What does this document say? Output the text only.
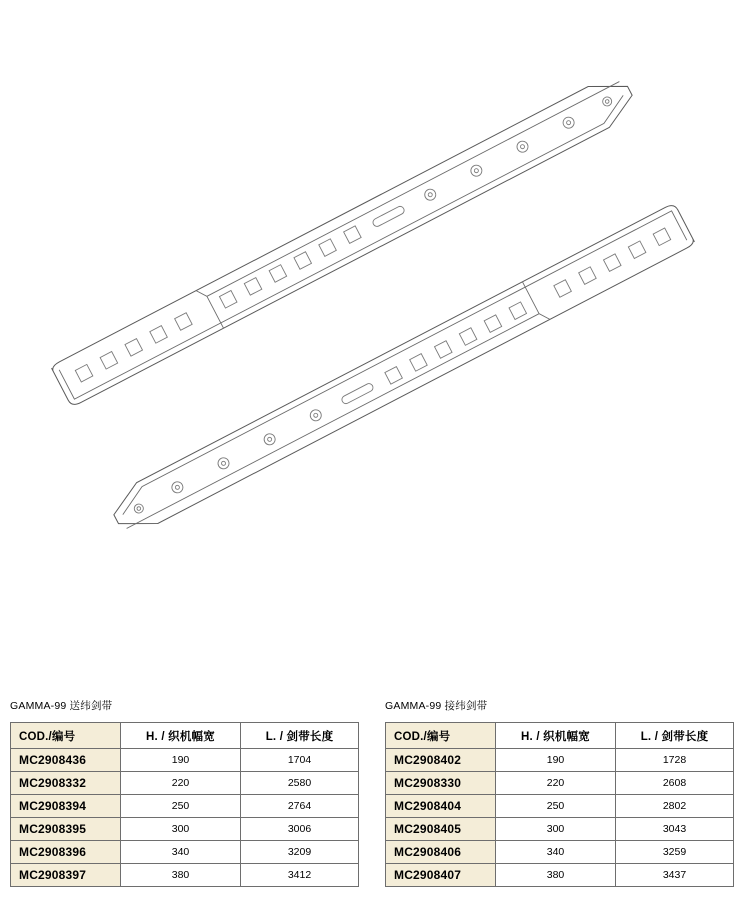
GAMMA-99 送纬剑带
COD./编号	H. / 织机幅宽	L. / 剑带长度
MC2908436	190	1704
MC2908332	220	2580
MC2908394	250	2764
MC2908395	300	3006
MC2908396	340	3209
MC2908397	380	3412
GAMMA-99 接纬剑带
COD./编号	H. / 织机幅宽	L. / 剑带长度
MC2908402	190	1728
MC2908330	220	2608
MC2908404	250	2802
MC2908405	300	3043
MC2908406	340	3259
MC2908407	380	3437
